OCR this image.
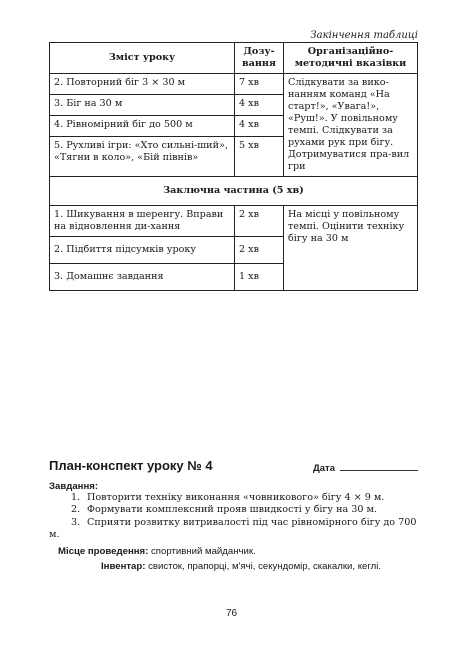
Закінчення таблиці
Зміст уроку	Дозу-вання	Організаційно-методичні вказівки
2. Повторний біг 3 × 30 м	7 хв	Слідкувати за вико-нанням команд «На старт!», «Увага!», «Руш!». У повільному темпі. Слідкувати за рухами рук при бігу. Дотримуватися пра-вил гри
3. Біг на 30 м	4 хв	
4. Рівномірний біг до 500 м	4 хв	
5. Рухливі ігри: «Хто сильні-ший», «Тягни в коло», «Бій півнів»	5 хв	
Заключна частина (5 хв)		
1. Шикування в шеренгу. Вправи на відновлення ди-хання	2 хв	На місці у повільному темпі. Оцінити техніку бігу на 30 м
2. Підбиття підсумків уроку	2 хв	
3. Домашнє завдання	1 хв	
План-конспект уроку № 4	Дата
Завдання:
1. Повторити техніку виконання «човникового» бігу 4 × 9 м.
2. Формувати комплексний прояв швидкості у бігу на 30 м.
3. Сприяти розвитку витривалості під час рівномірного бігу до 700 м.
Місце проведення: спортивний майданчик.
Інвентар: свисток, прапорці, м'ячі, секундомір, скакалки, кеглі.
76
